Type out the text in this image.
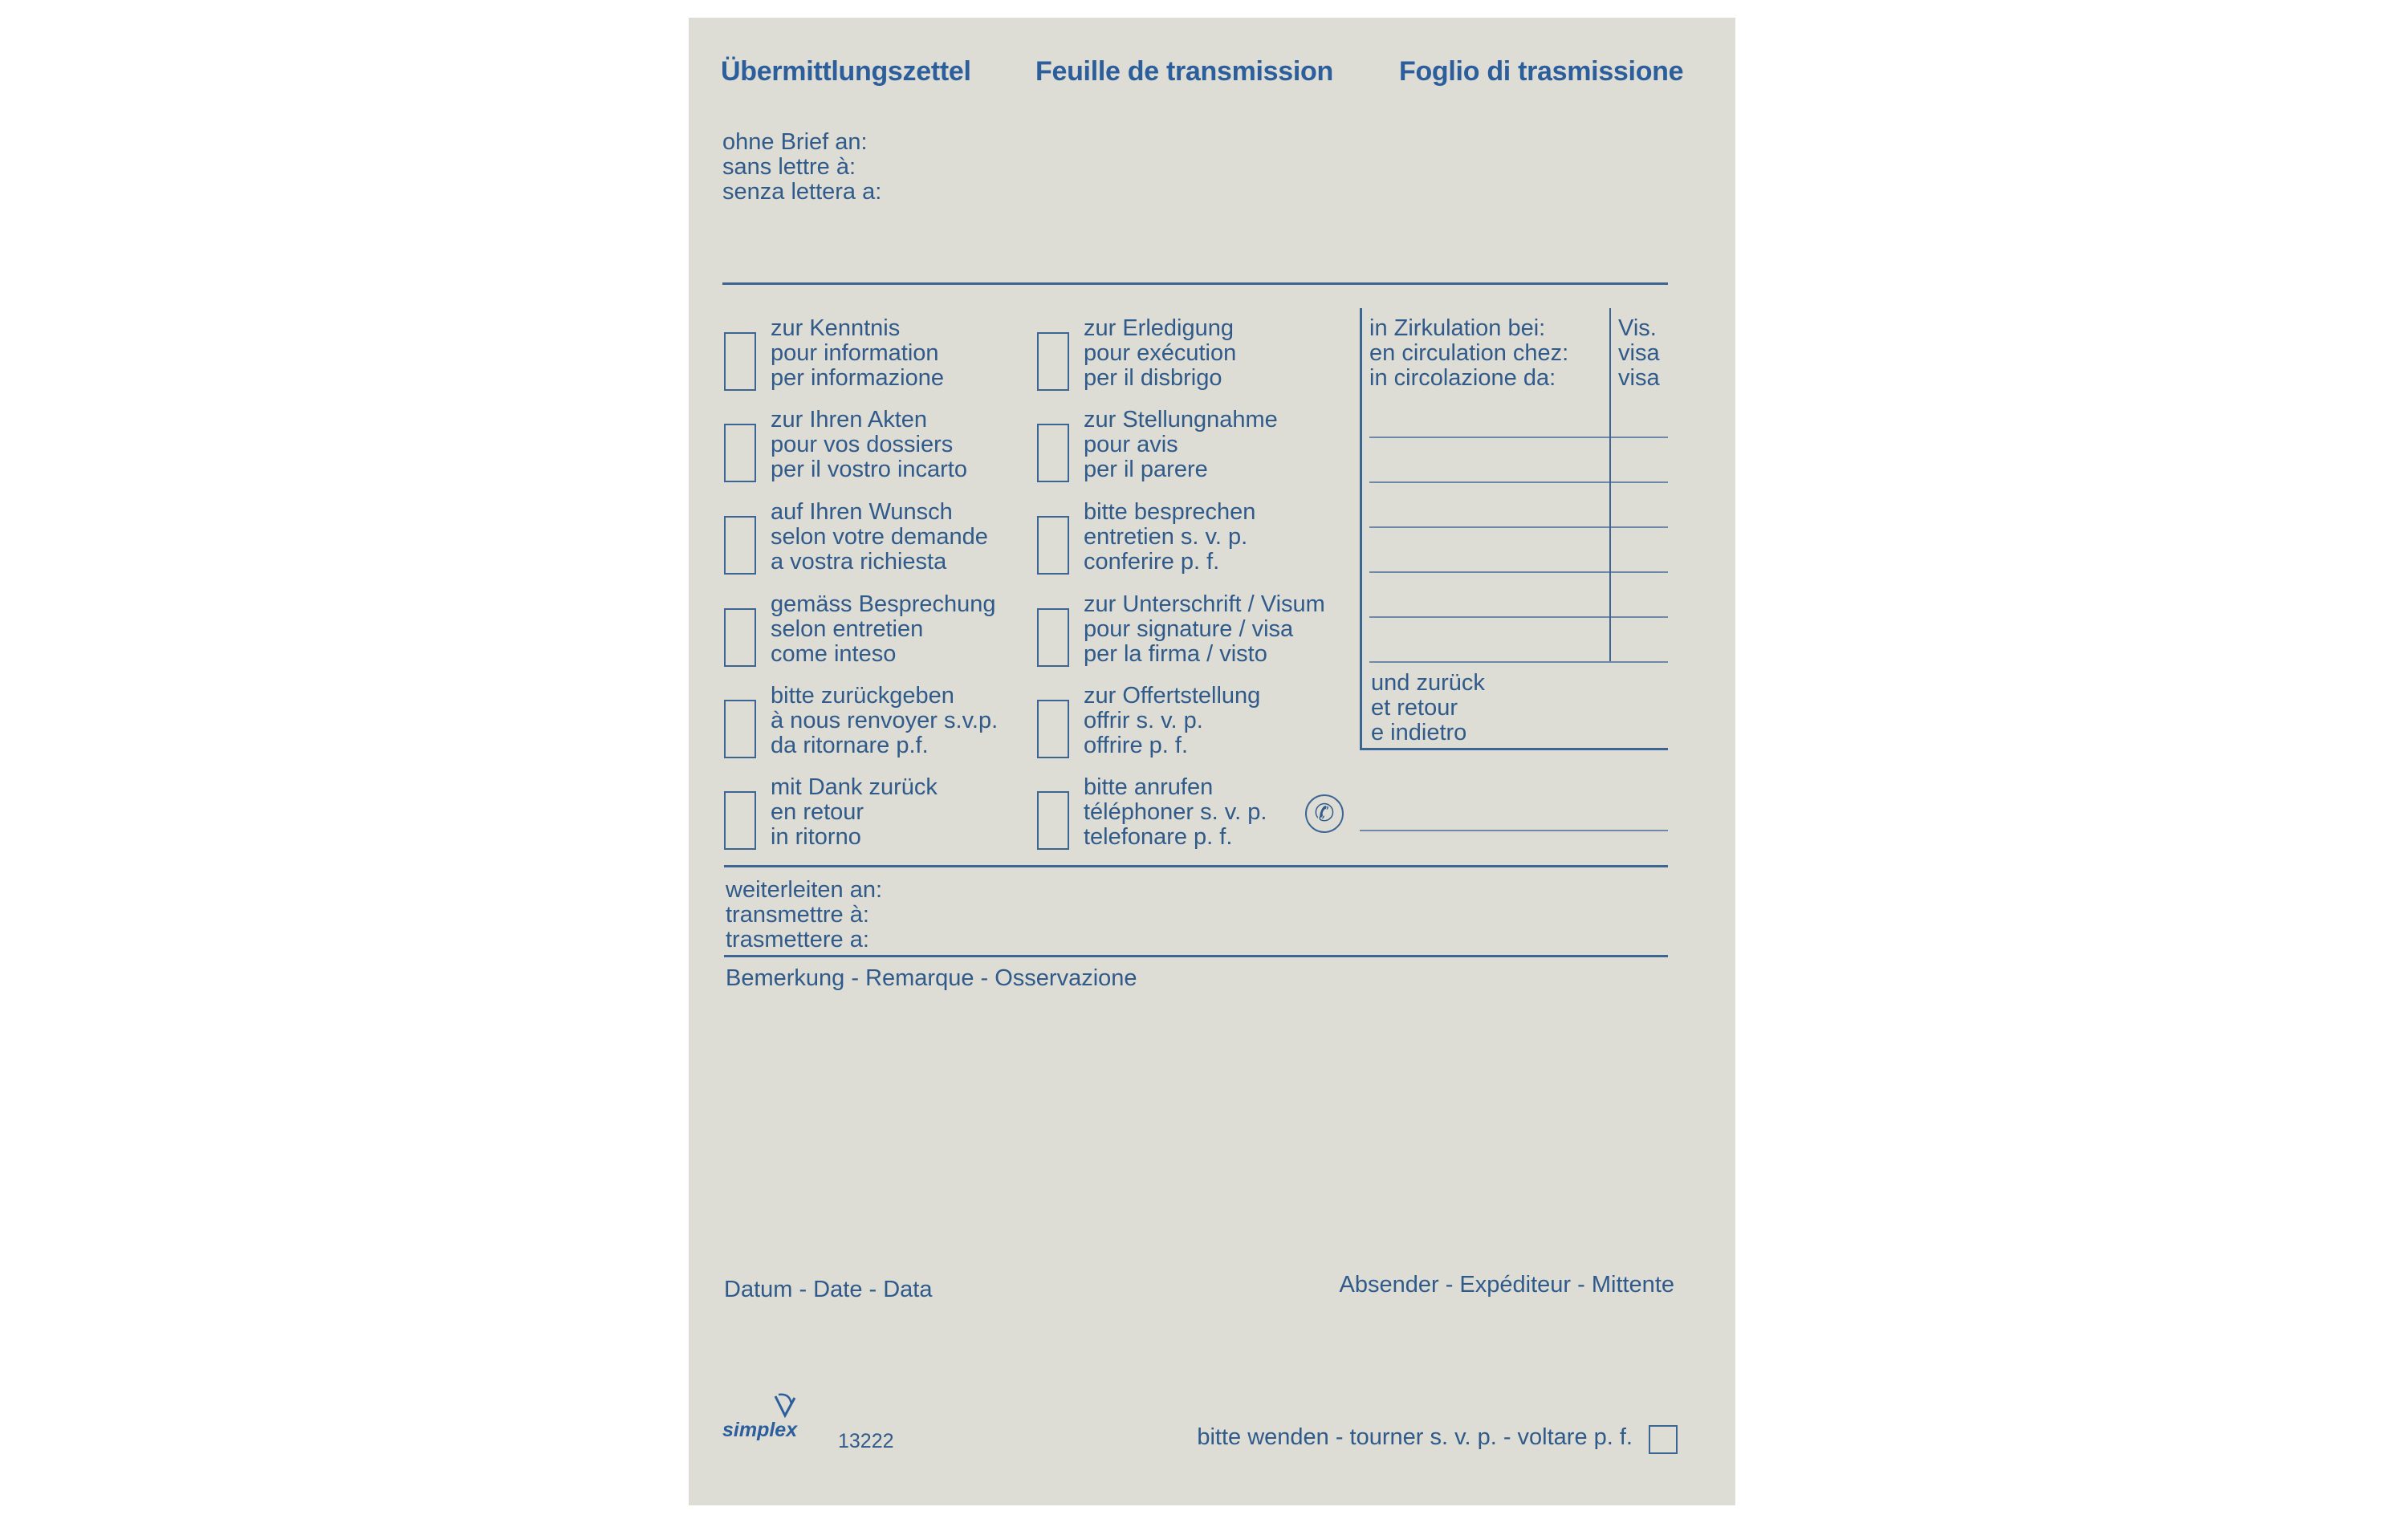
Übermittlungszettel Feuille de transmission Foglio di trasmissione
ohne Brief an:
sans lettre à:
senza lettera a:
zur Kenntnis
pour information
per informazione
zur Ihren Akten
pour vos dossiers
per il vostro incarto
auf Ihren Wunsch
selon votre demande
a vostra richiesta
gemäss Besprechung
selon entretien
come inteso
bitte zurückgeben
à nous renvoyer s.v.p.
da ritornare p.f.
mit Dank zurück
en retour
in ritorno
zur Erledigung
pour exécution
per il disbrigo
zur Stellungnahme
pour avis
per il parere
bitte besprechen
entretien s. v. p.
conferire p. f.
zur Unterschrift / Visum
pour signature / visa
per la firma / visto
zur Offertstellung
offrir s. v. p.
offrire p. f.
bitte anrufen
téléphoner s. v. p.
telefonare p. f.
✆
in Zirkulation bei:
en circulation chez:
in circolazione da:
Vis.
visa
visa
und zurück
et retour
e indietro
weiterleiten an:
transmettre à:
trasmettere a:
Bemerkung - Remarque - Osservazione
Datum - Date - Data	Absender - Expéditeur - Mittente
simplex 13222	bitte wenden - tourner s. v. p. - voltare p. f.
